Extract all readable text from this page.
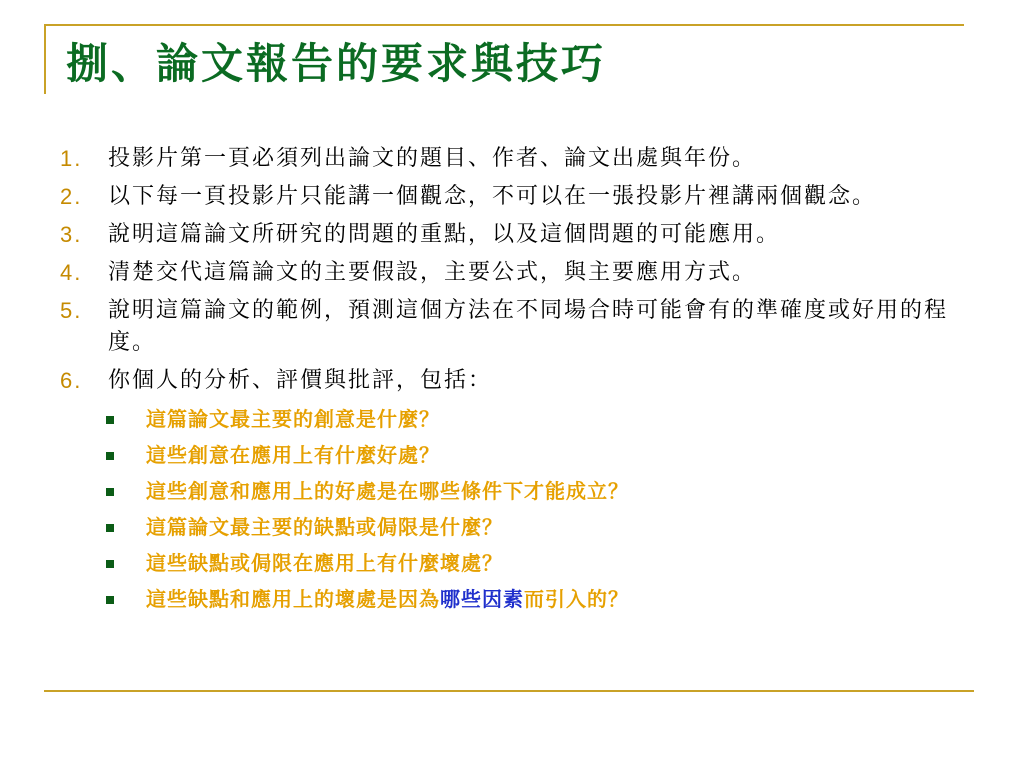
捌、論文報告的要求與技巧
1.	投影片第一頁必須列出論文的題目、作者、論文出處與年份。
2.	以下每一頁投影片只能講一個觀念，不可以在一張投影片裡講兩個觀念。
3.	說明這篇論文所研究的問題的重點，以及這個問題的可能應用。
4.	清楚交代這篇論文的主要假設，主要公式，與主要應用方式。
5.	說明這篇論文的範例，預測這個方法在不同場合時可能會有的準確度或好用的程度。
6.	你個人的分析、評價與批評，包括：
這篇論文最主要的創意是什麼？
這些創意在應用上有什麼好處？
這些創意和應用上的好處是在哪些條件下才能成立？
這篇論文最主要的缺點或侷限是什麼？
這些缺點或侷限在應用上有什麼壞處？
這些缺點和應用上的壞處是因為哪些因素而引入的？
